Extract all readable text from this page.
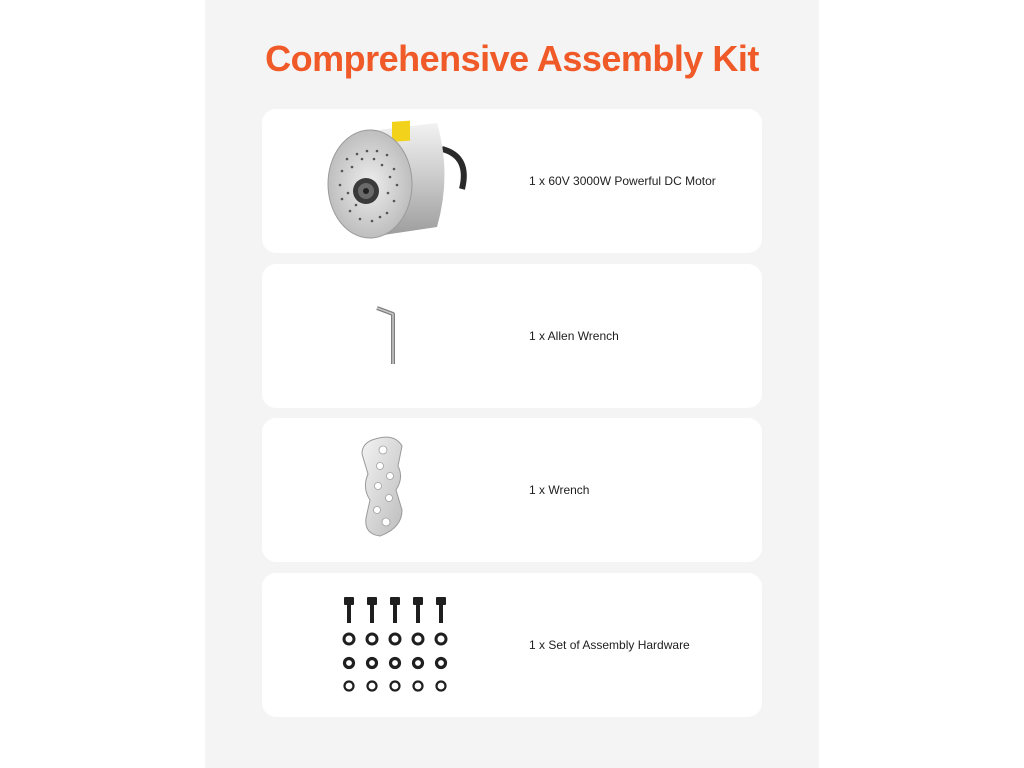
Comprehensive Assembly Kit
1 x 60V 3000W Powerful DC Motor
1 x Allen Wrench
1 x Wrench
1 x Set of Assembly Hardware
